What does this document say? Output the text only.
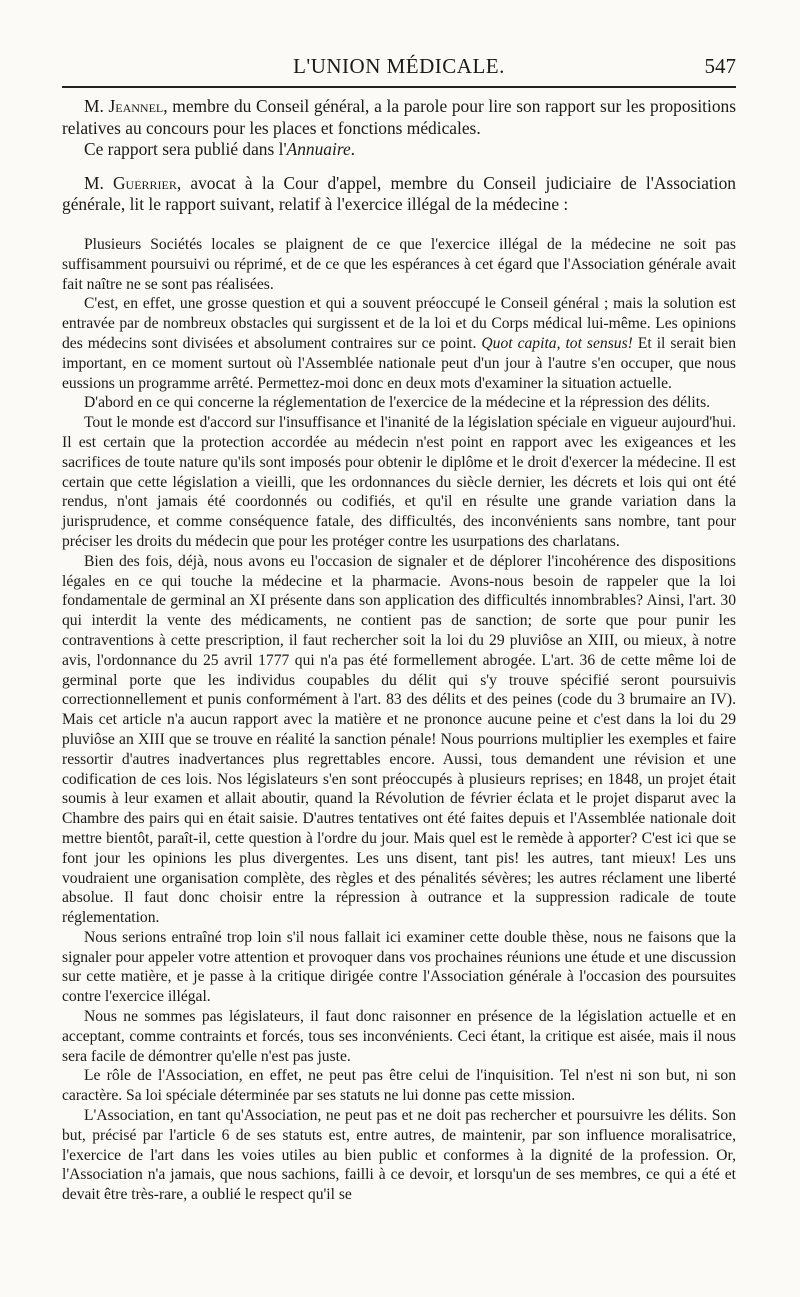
L'UNION MÉDICALE.	547

M. Jeannel, membre du Conseil général, a la parole pour lire son rapport sur les propositions relatives au concours pour les places et fonctions médicales.

Ce rapport sera publié dans l'Annuaire.

M. Guerrier, avocat à la Cour d'appel, membre du Conseil judiciaire de l'Association générale, lit le rapport suivant, relatif à l'exercice illégal de la médecine :

Plusieurs Sociétés locales se plaignent de ce que l'exercice illégal de la médecine ne soit pas suffisamment poursuivi ou réprimé, et de ce que les espérances à cet égard que l'Association générale avait fait naître ne se sont pas réalisées.

C'est, en effet, une grosse question et qui a souvent préoccupé le Conseil général ; mais la solution est entravée par de nombreux obstacles qui surgissent et de la loi et du Corps médical lui-même. Les opinions des médecins sont divisées et absolument contraires sur ce point. Quot capita, tot sensus! Et il serait bien important, en ce moment surtout où l'Assemblée nationale peut d'un jour à l'autre s'en occuper, que nous eussions un programme arrêté. Permettez-moi donc en deux mots d'examiner la situation actuelle.

D'abord en ce qui concerne la réglementation de l'exercice de la médecine et la répression des délits.

Tout le monde est d'accord sur l'insuffisance et l'inanité de la législation spéciale en vigueur aujourd'hui. Il est certain que la protection accordée au médecin n'est point en rapport avec les exigeances et les sacrifices de toute nature qu'ils sont imposés pour obtenir le diplôme et le droit d'exercer la médecine. Il est certain que cette législation a vieilli, que les ordonnances du siècle dernier, les décrets et lois qui ont été rendus, n'ont jamais été coordonnés ou codifiés, et qu'il en résulte une grande variation dans la jurisprudence, et comme conséquence fatale, des difficultés, des inconvénients sans nombre, tant pour préciser les droits du médecin que pour les protéger contre les usurpations des charlatans.

Bien des fois, déjà, nous avons eu l'occasion de signaler et de déplorer l'incohérence des dispositions légales en ce qui touche la médecine et la pharmacie. Avons-nous besoin de rappeler que la loi fondamentale de germinal an XI présente dans son application des difficultés innombrables? Ainsi, l'art. 30 qui interdit la vente des médicaments, ne contient pas de sanction; de sorte que pour punir les contraventions à cette prescription, il faut rechercher soit la loi du 29 pluviôse an XIII, ou mieux, à notre avis, l'ordonnance du 25 avril 1777 qui n'a pas été formellement abrogée. L'art. 36 de cette même loi de germinal porte que les individus coupables du délit qui s'y trouve spécifié seront poursuivis correctionnellement et punis conformément à l'art. 83 des délits et des peines (code du 3 brumaire an IV). Mais cet article n'a aucun rapport avec la matière et ne prononce aucune peine et c'est dans la loi du 29 pluviôse an XIII que se trouve en réalité la sanction pénale! Nous pourrions multiplier les exemples et faire ressortir d'autres inadvertances plus regrettables encore. Aussi, tous demandent une révision et une codification de ces lois. Nos législateurs s'en sont préoccupés à plusieurs reprises; en 1848, un projet était soumis à leur examen et allait aboutir, quand la Révolution de février éclata et le projet disparut avec la Chambre des pairs qui en était saisie. D'autres tentatives ont été faites depuis et l'Assemblée nationale doit mettre bientôt, paraît-il, cette question à l'ordre du jour. Mais quel est le remède à apporter? C'est ici que se font jour les opinions les plus divergentes. Les uns disent, tant pis! les autres, tant mieux! Les uns voudraient une organisation complète, des règles et des pénalités sévères; les autres réclament une liberté absolue. Il faut donc choisir entre la répression à outrance et la suppression radicale de toute réglementation.

Nous serions entraîné trop loin s'il nous fallait ici examiner cette double thèse, nous ne faisons que la signaler pour appeler votre attention et provoquer dans vos prochaines réunions une étude et une discussion sur cette matière, et je passe à la critique dirigée contre l'Association générale à l'occasion des poursuites contre l'exercice illégal.

Nous ne sommes pas législateurs, il faut donc raisonner en présence de la législation actuelle et en acceptant, comme contraints et forcés, tous ses inconvénients. Ceci étant, la critique est aisée, mais il nous sera facile de démontrer qu'elle n'est pas juste.

Le rôle de l'Association, en effet, ne peut pas être celui de l'inquisition. Tel n'est ni son but, ni son caractère. Sa loi spéciale déterminée par ses statuts ne lui donne pas cette mission.

L'Association, en tant qu'Association, ne peut pas et ne doit pas rechercher et poursuivre les délits. Son but, précisé par l'article 6 de ses statuts est, entre autres, de maintenir, par son influence moralisatrice, l'exercice de l'art dans les voies utiles au bien public et conformes à la dignité de la profession. Or, l'Association n'a jamais, que nous sachions, failli à ce devoir, et lorsqu'un de ses membres, ce qui a été et devait être très-rare, a oublié le respect qu'il se
